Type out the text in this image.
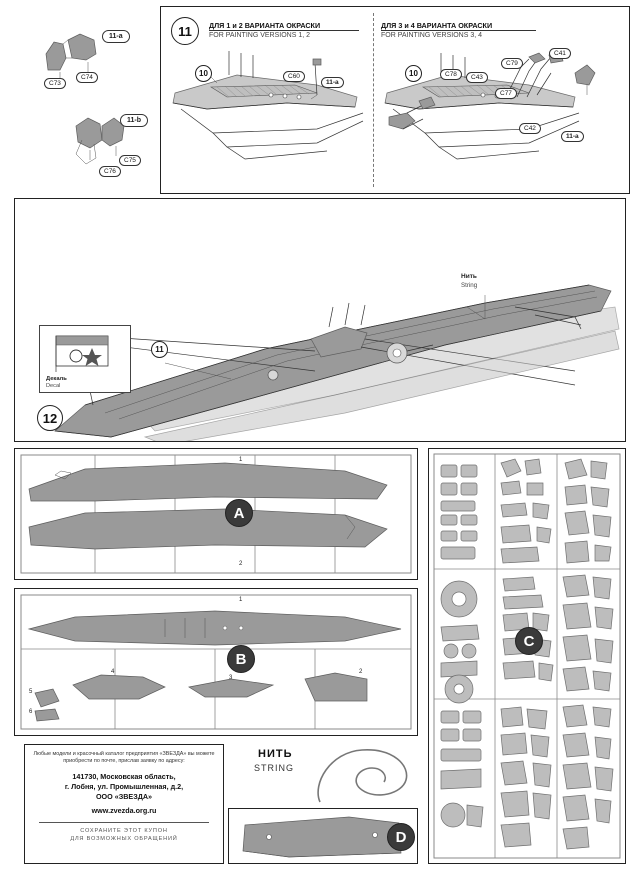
C73
C74
C75
C76
11-a
11-b
11	ДЛЯ 1 и 2 ВАРИАНТА ОКРАСКИ
FOR PAINTING VERSIONS 1, 2
ДЛЯ 3 и 4 ВАРИАНТА ОКРАСКИ
FOR PAINTING VERSIONS 3, 4
10	C60
11-a
10	C78	C43
C79
C41
C77
C42
11-a
12
11
Нить
String
Декаль
Decal
1
2
A
1
2
3
4
5
6
B
C
Любые модели и красочный каталог предприятия «ЗВЕЗДА» вы можете приобрести по почте, прислав заявку по адресу:
141730, Московская область,
г. Лобня, ул. Промышленная, д.2,
ООО «ЗВЕЗДА»
www.zvezda.org.ru
СОХРАНИТЕ ЭТОТ КУПОН
ДЛЯ ВОЗМОЖНЫХ ОБРАЩЕНИЙ
НИТЬ
STRING
D
